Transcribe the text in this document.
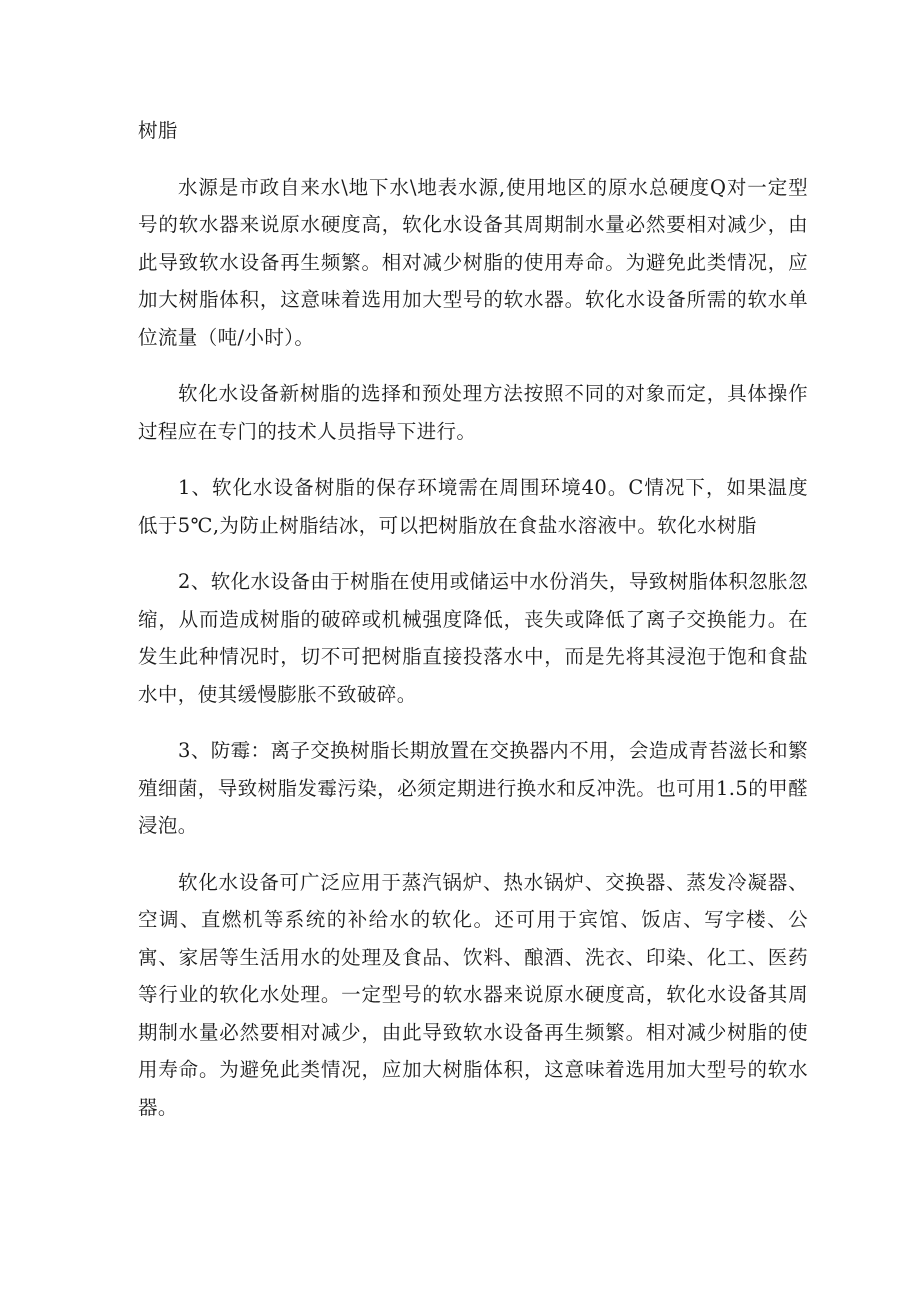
树脂

水源是市政自来水\地下水\地表水源,使用地区的原水总硬度Q对一定型号的软水器来说原水硬度高，软化水设备其周期制水量必然要相对减少，由此导致软水设备再生频繁。相对减少树脂的使用寿命。为避免此类情况，应加大树脂体积，这意味着选用加大型号的软水器。软化水设备所需的软水单位流量（吨/小时）。

软化水设备新树脂的选择和预处理方法按照不同的对象而定，具体操作过程应在专门的技术人员指导下进行。

1、软化水设备树脂的保存环境需在周围环境40。C情况下，如果温度低于5℃,为防止树脂结冰，可以把树脂放在食盐水溶液中。软化水树脂

2、软化水设备由于树脂在使用或储运中水份消失，导致树脂体积忽胀忽缩，从而造成树脂的破碎或机械强度降低，丧失或降低了离子交换能力。在发生此种情况时，切不可把树脂直接投落水中，而是先将其浸泡于饱和食盐水中，使其缓慢膨胀不致破碎。

3、防霉：离子交换树脂长期放置在交换器内不用，会造成青苔滋长和繁殖细菌，导致树脂发霉污染，必须定期进行换水和反冲洗。也可用1.5的甲醛浸泡。

软化水设备可广泛应用于蒸汽锅炉、热水锅炉、交换器、蒸发冷凝器、空调、直燃机等系统的补给水的软化。还可用于宾馆、饭店、写字楼、公寓、家居等生活用水的处理及食品、饮料、酿酒、洗衣、印染、化工、医药等行业的软化水处理。一定型号的软水器来说原水硬度高，软化水设备其周期制水量必然要相对减少，由此导致软水设备再生频繁。相对减少树脂的使用寿命。为避免此类情况，应加大树脂体积，这意味着选用加大型号的软水器。
